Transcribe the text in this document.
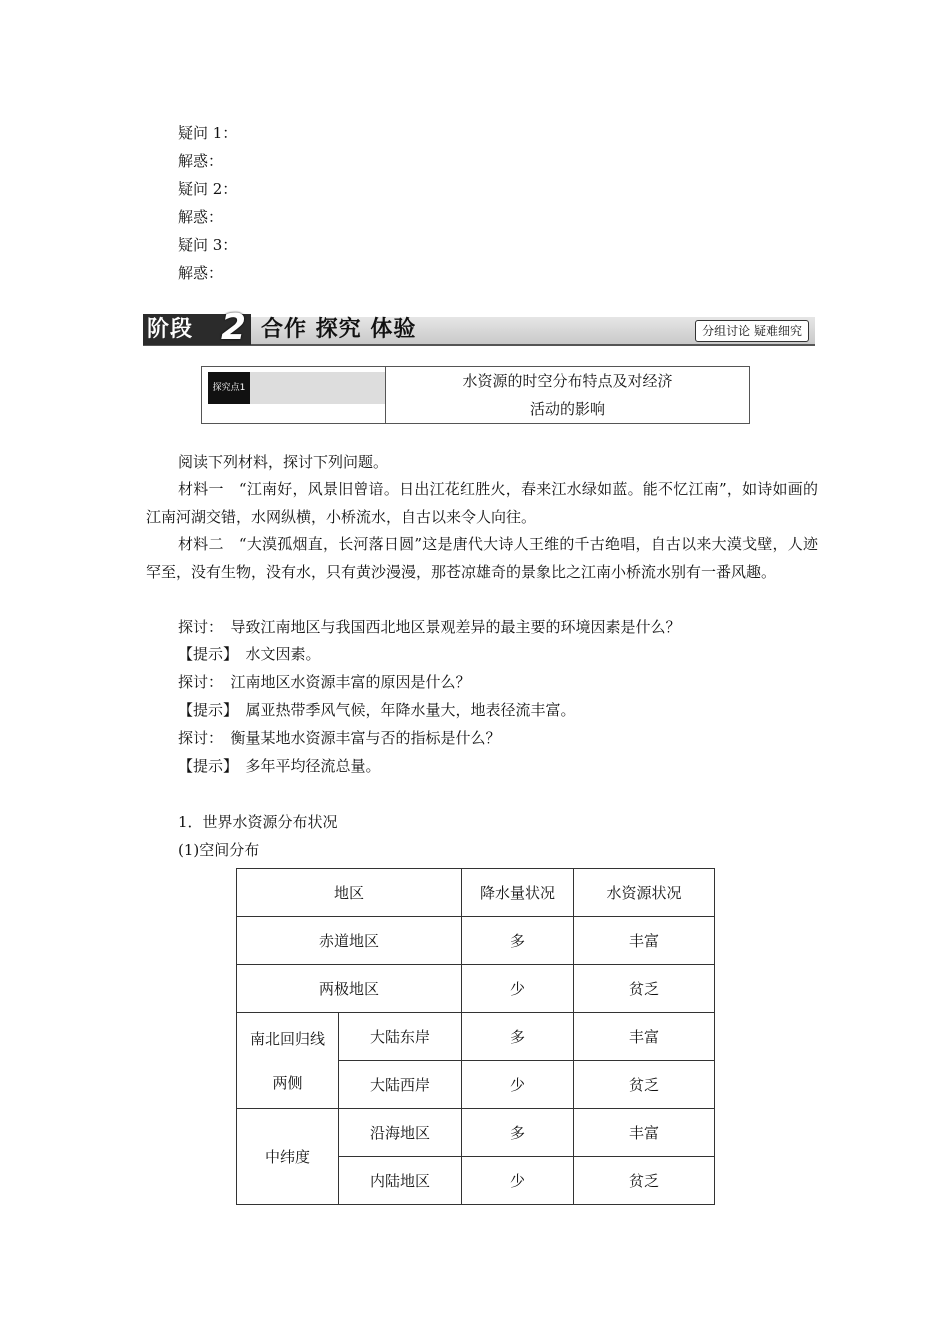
疑问 1：
解惑：
疑问 2：
解惑：
疑问 3：
解惑：
阶段 2 合作 探究 体验	分组讨论 疑难细究
探究点1	水资源的时空分布特点及对经济
活动的影响

阅读下列材料，探讨下列问题。

材料一　“江南好，风景旧曾谙。日出江花红胜火，春来江水绿如蓝。能不忆江南”，如诗如画的江南河湖交错，水网纵横，小桥流水，自古以来令人向往。

材料二　“大漠孤烟直，长河落日圆”这是唐代大诗人王维的千古绝唱，自古以来大漠戈壁，人迹罕至，没有生物，没有水，只有黄沙漫漫，那苍凉雄奇的景象比之江南小桥流水别有一番风趣。

探讨：　导致江南地区与我国西北地区景观差异的最主要的环境因素是什么？

【提示】　水文因素。

探讨：　江南地区水资源丰富的原因是什么？

【提示】　属亚热带季风气候，年降水量大，地表径流丰富。

探讨：　衡量某地水资源丰富与否的指标是什么？

【提示】　多年平均径流总量。

1．世界水资源分布状况
(1)空间分布
地区		降水量状况	水资源状况
赤道地区		多	丰富
两极地区		少	贫乏

南北回归线
两侧	大陆东岸	多	丰富
	大陆西岸	少	贫乏
中纬度	沿海地区	多	丰富
	内陆地区	少	贫乏
